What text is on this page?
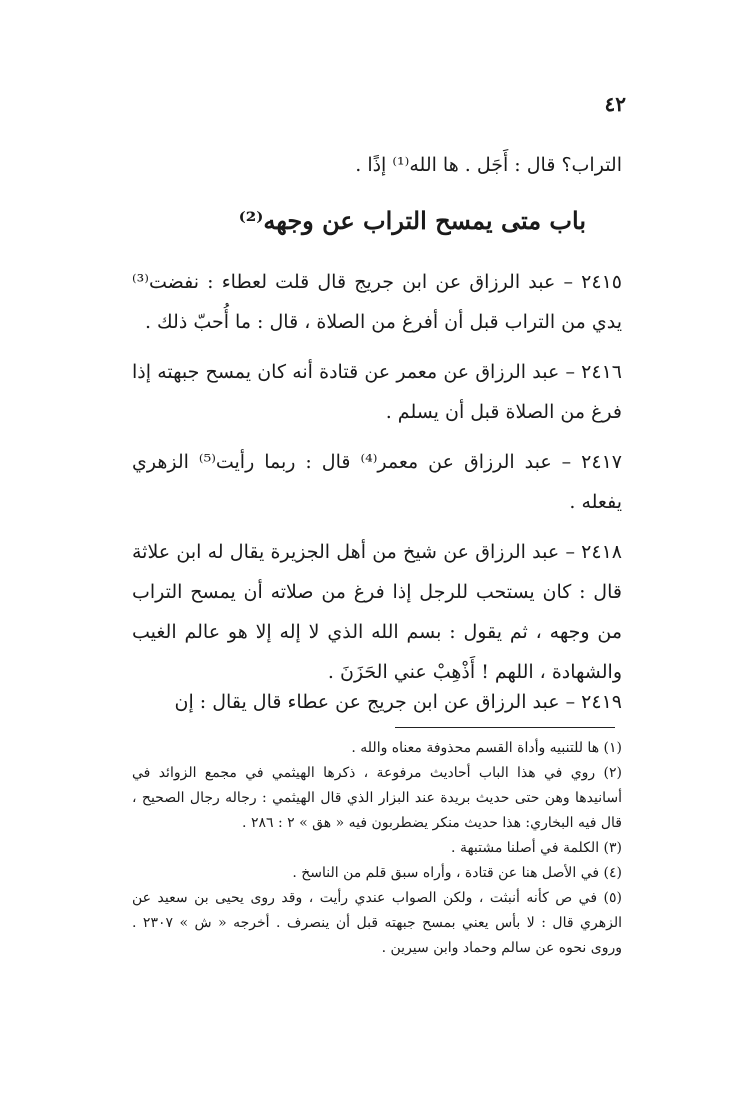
٤٢
التراب؟ قال : أَجَل . ها الله⁽¹⁾ إذًا .
باب متى يمسح التراب عن وجهه⁽²⁾
٢٤١٥ – عبد الرزاق عن ابن جريج قال قلت لعطاء : نفضت⁽³⁾ يدي من التراب قبل أن أفرغ من الصلاة ، قال : ما أُحبّ ذلك .
٢٤١٦ – عبد الرزاق عن معمر عن قتادة أنه كان يمسح جبهته إذا فرغ من الصلاة قبل أن يسلم .
٢٤١٧ – عبد الرزاق عن معمر⁽⁴⁾ قال : ربما رأيت⁽⁵⁾ الزهري يفعله .
٢٤١٨ – عبد الرزاق عن شيخ من أهل الجزيرة يقال له ابن علاثة قال : كان يستحب للرجل إذا فرغ من صلاته أن يمسح التراب من وجهه ، ثم يقول : بسم الله الذي لا إله إلا هو عالم الغيب والشهادة ، اللهم ! أَذْهِبْ عني الحَزَنَ .
٢٤١٩ – عبد الرزاق عن ابن جريج عن عطاء قال يقال : إن

(١) ها للتنبيه وأداة القسم محذوفة معناه والله .

(٢) روي في هذا الباب أحاديث مرفوعة ، ذكرها الهيثمي في مجمع الزوائد في أسانيدها وهن حتى حديث بريدة عند البزار الذي قال الهيثمي : رجاله رجال الصحيح ، قال فيه البخاري: هذا حديث منكر يضطربون فيه « هق » ٢ : ٢٨٦ .

(٣) الكلمة في أصلنا مشتبهة .

(٤) في الأصل هنا عن قتادة ، وأراه سبق قلم من الناسخ .

(٥) في ص كأنه أنبثت ، ولكن الصواب عندي رأيت ، وقد روى يحيى بن سعيد عن الزهري قال : لا بأس يعني بمسح جبهته قبل أن ينصرف . أخرجه « ش » ٢٣٠٧ . وروى نحوه عن سالم وحماد وابن سيرين .
